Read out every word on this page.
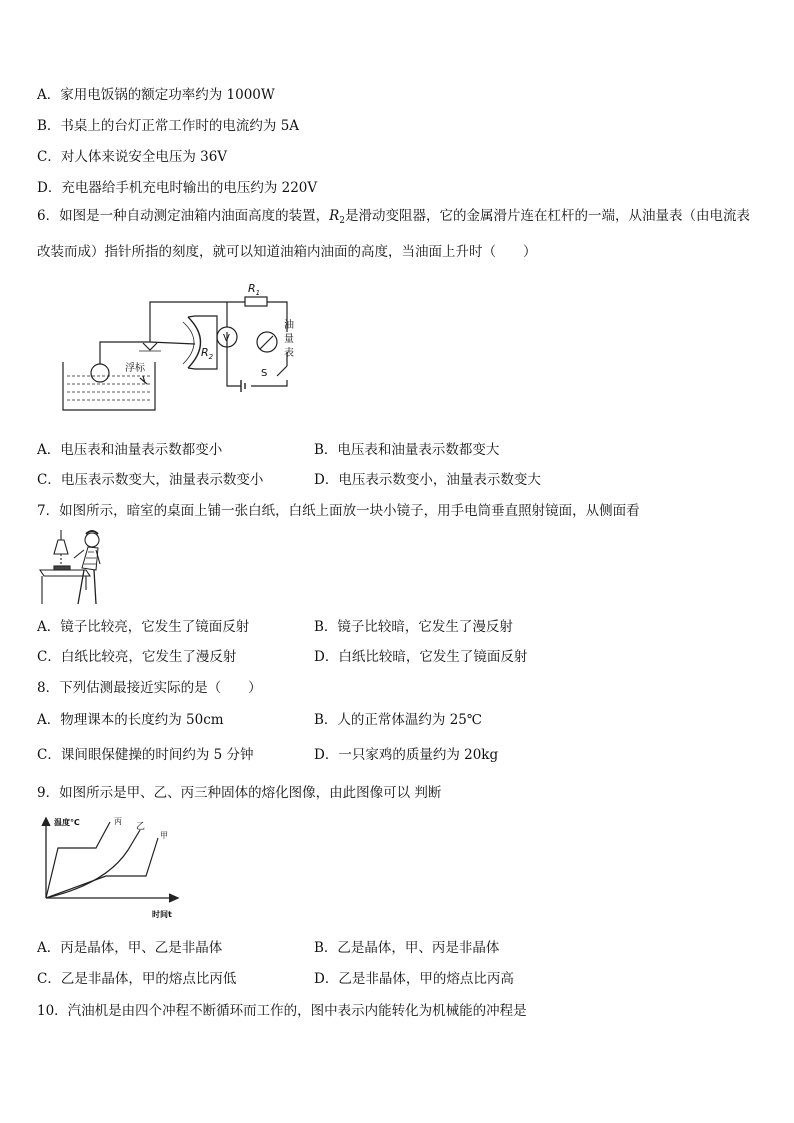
A．家用电饭锅的额定功率约为 1000W
B．书桌上的台灯正常工作时的电流约为 5A
C．对人体来说安全电压为 36V
D．充电器给手机充电时输出的电压约为 220V
6．如图是一种自动测定油箱内油面高度的装置，$R_2$是滑动变阻器，它的金属滑片连在杠杆的一端，从油量表（由电流表改装而成）指针所指的刻度，就可以知道油箱内油面的高度，当油面上升时（　　）
浮标
$R_1$
$R_2$
V
S
油
量
表
A．电压表和油量表示数都变小	B．电压表和油量表示数都变大
C．电压表示数变大，油量表示数变小	D．电压表示数变小，油量表示数变大
7．如图所示，暗室的桌面上铺一张白纸，白纸上面放一块小镜子，用手电筒垂直照射镜面，从侧面看
A．镜子比较亮，它发生了镜面反射	B．镜子比较暗，它发生了漫反射
C．白纸比较亮，它发生了漫反射	D．白纸比较暗，它发生了镜面反射
8．下列估测最接近实际的是（　　）
A．物理课本的长度约为 50cm	B．人的正常体温约为 25℃
C．课间眼保健操的时间约为 5 分钟	D．一只家鸡的质量约为 20kg
9．如图所示是甲、乙、丙三种固体的熔化图像，由此图像可以 判断
温度℃	丙
乙
甲
时间t
A．丙是晶体，甲、乙是非晶体	B．乙是晶体，甲、丙是非晶体
C．乙是非晶体，甲的熔点比丙低	D．乙是非晶体，甲的熔点比丙高
10．汽油机是由四个冲程不断循环而工作的，图中表示内能转化为机械能的冲程是
